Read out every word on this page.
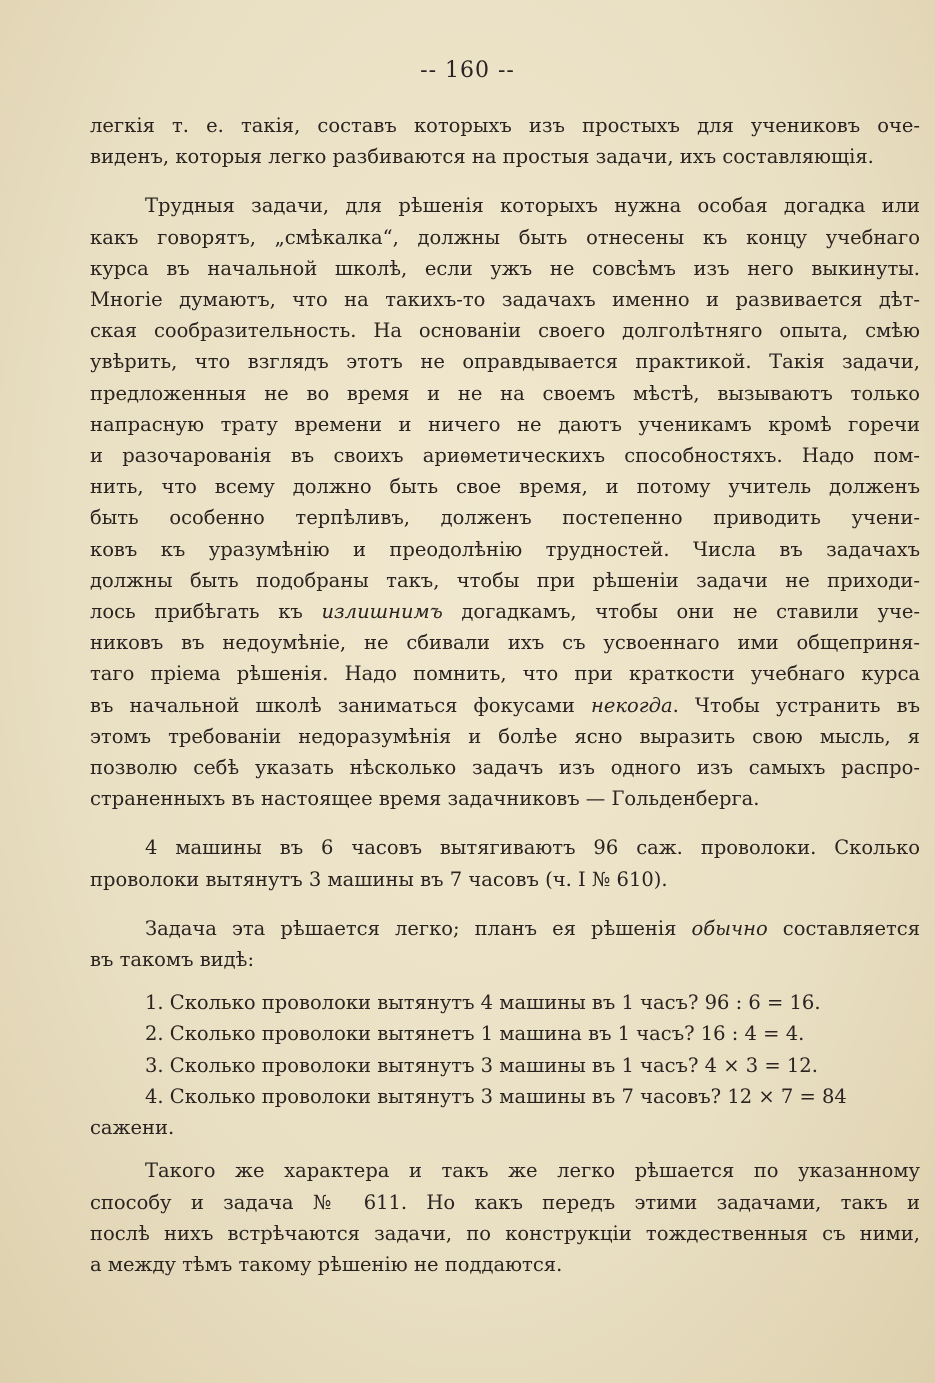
-- 160 --
легкія т. е. такія, составъ которыхъ изъ простыхъ для учениковъ оче-
виденъ, которыя легко разбиваются на простыя задачи, ихъ составляющія.
Трудныя задачи, для рѣшенія которыхъ нужна особая догадка или
какъ говорятъ, „смѣкалка“, должны быть отнесены къ концу учебнаго
курса въ начальной школѣ, если ужъ не совсѣмъ изъ него выкинуты.
Многіе думаютъ, что на такихъ-то задачахъ именно и развивается дѣт-
ская сообразительность. На основаніи своего долголѣтняго опыта, смѣю
увѣрить, что взглядъ этотъ не оправдывается практикой. Такія задачи,
предложенныя не во время и не на своемъ мѣстѣ, вызываютъ только
напрасную трату времени и ничего не даютъ ученикамъ кромѣ горечи
и разочарованія въ своихъ ариѳметическихъ способностяхъ. Надо пом-
нить, что всему должно быть свое время, и потому учитель долженъ
быть особенно терпѣливъ, долженъ постепенно приводить учени-
ковъ къ уразумѣнію и преодолѣнію трудностей. Числа въ задачахъ
должны быть подобраны такъ, чтобы при рѣшеніи задачи не приходи-
лось прибѣгать къ излишнимъ догадкамъ, чтобы они не ставили уче-
никовъ въ недоумѣніе, не сбивали ихъ съ усвоеннаго ими общеприня-
таго пріема рѣшенія. Надо помнить, что при краткости учебнаго курса
въ начальной школѣ заниматься фокусами некогда. Чтобы устранить въ
этомъ требованіи недоразумѣнія и болѣе ясно выразить свою мысль, я
позволю себѣ указать нѣсколько задачъ изъ одного изъ самыхъ распро-
страненныхъ въ настоящее время задачниковъ — Гольденберга.
4 машины въ 6 часовъ вытягиваютъ 96 саж. проволоки. Сколько
проволоки вытянутъ 3 машины въ 7 часовъ (ч. I № 610).
Задача эта рѣшается легко; планъ ея рѣшенія обычно составляется
въ такомъ видѣ:
1. Сколько проволоки вытянутъ 4 машины въ 1 часъ? 96 : 6 = 16.
2. Сколько проволоки вытянетъ 1 машина въ 1 часъ? 16 : 4 = 4.
3. Сколько проволоки вытянутъ 3 машины въ 1 часъ? 4 × 3 = 12.
4. Сколько проволоки вытянутъ 3 машины въ 7 часовъ? 12 × 7 = 84
сажени.
Такого же характера и такъ же легко рѣшается по указанному
способу и задача № 611. Но какъ передъ этими задачами, такъ и
послѣ нихъ встрѣчаются задачи, по конструкціи тождественныя съ ними,
а между тѣмъ такому рѣшенію не поддаются.
